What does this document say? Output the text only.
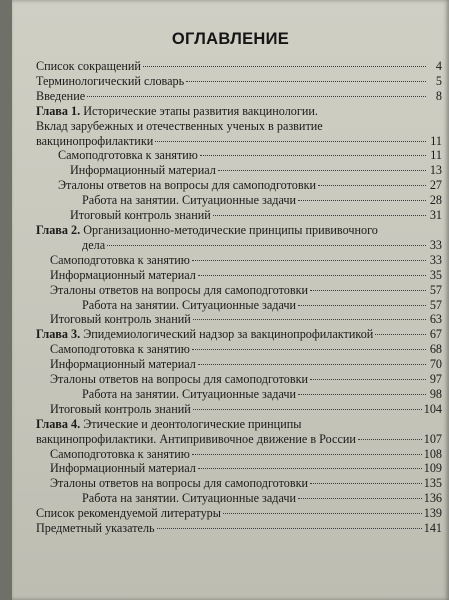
ОГЛАВЛЕНИЕ
Список сокращений	4
Терминологический словарь	5
Введение	8
Глава 1. Исторические этапы развития вакцинологии.
Вклад зарубежных и отечественных ученых в развитие
вакцинопрофилактики	11
Самоподготовка к занятию	11
Информационный материал	13
Эталоны ответов на вопросы для самоподготовки	27
Работа на занятии. Ситуационные задачи	28
Итоговый контроль знаний	31
Глава 2. Организационно-методические принципы прививочного
дела	33
Самоподготовка к занятию	33
Информационный материал	35
Эталоны ответов на вопросы для самоподготовки	57
Работа на занятии. Ситуационные задачи	57
Итоговый контроль знаний	63
Глава 3. Эпидемиологический надзор за вакцинопрофилактикой	67
Самоподготовка к занятию	68
Информационный материал	70
Эталоны ответов на вопросы для самоподготовки	97
Работа на занятии. Ситуационные задачи	98
Итоговый контроль знаний	104
Глава 4. Этические и деонтологические принципы
вакцинопрофилактики. Антипрививочное движение в России	107
Самоподготовка к занятию	108
Информационный материал	109
Эталоны ответов на вопросы для самоподготовки	135
Работа на занятии. Ситуационные задачи	136
Список рекомендуемой литературы	139
Предметный указатель	141
